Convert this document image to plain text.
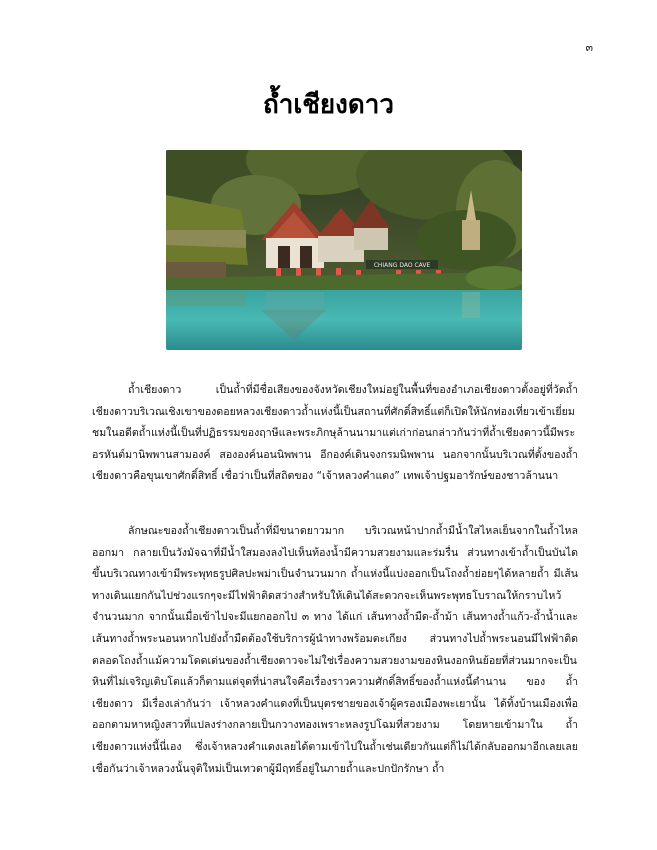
๓
ถ้ำเชียงดาว
CHIANG DAO CAVE

ถ้ำเชียงดาว เป็นถ้ำที่มีชื่อเสียงของจังหวัดเชียงใหม่อยู่ในพื้นที่ของอำเภอเชียงดาวตั้งอยู่ที่วัดถ้ำเชียงดาวบริเวณเชิงเขาของดอยหลวงเชียงดาวถ้ำแห่งนี้เป็นสถานที่ศักดิ์สิทธิ์แต่ก็เปิดให้นักท่องเที่ยวเข้าเยี่ยมชมในอดีตถ้ำแห่งนี้เป็นที่ปฏิธรรมของฤาษีและพระภิกษุล้านนามาแต่เก่าก่อนกล่าวกันว่าที่ถ้ำเชียงดาวนี้มีพระอรหันต์มานิพพานสามองค์ สององค์นอนนิพพาน อีกองค์เดินจงกรมนิพพาน นอกจากนั้นบริเวณที่ตั้งของถ้ำเชียงดาวคือขุนเขาศักดิ์สิทธิ์ เชื่อว่าเป็นที่สถิตของ “เจ้าหลวงคำแดง” เทพเจ้าปฐมอารักษ์ของชาวล้านนา

ลักษณะของถ้ำเชียงดาวเป็นถ้ำที่มีขนาดยาวมาก บริเวณหน้าปากถ้ำมีน้ำใสไหลเย็นจากในถ้ำไหลออกมา กลายเป็นวังมัจฉาที่มีน้ำใสมองลงไปเห็นท้องน้ำมีความสวยงามและร่มรื่น ส่วนทางเข้าถ้ำเป็นบันไดขึ้นบริเวณทางเข้ามีพระพุทธรูปศิลปะพม่าเป็นจำนวนมาก ถ้ำแห่งนี้แบ่งออกเป็นโถงถ้ำย่อยๆได้หลายถ้ำ มีเส้นทางเดินแยกกันไปช่วงแรกๆจะมีไฟฟ้าติดสว่างสำหรับให้เดินได้สะดวกจะเห็นพระพุทธโบราณให้กราบไหว้จำนวนมาก จากนั้นเมื่อเข้าไปจะมีแยกออกไป ๓ ทาง ได้แก่ เส้นทางถ้ำมืด-ถ้ำม้า เส้นทางถ้ำแก้ว-ถ้ำน้ำและเส้นทางถ้ำพระนอนหากไปยังถ้ำมืดต้องใช้บริการผู้นำทางพร้อมตะเกียง ส่วนทางไปถ้ำพระนอนมีไฟฟ้าติดตลอดโถงถ้ำแม้ความโดดเด่นของถ้ำเชียงดาวจะไม่ใช่เรื่องความสวยงามของหินงอกหินย้อยที่ส่วนมากจะเป็นหินที่ไม่เจริญเติบโตแล้วก็ตามแต่จุดที่น่าสนใจคือเรื่องราวความศักดิ์สิทธิ์ของถ้ำแห่งนี้ตำนาน ของ ถ้ำเชียงดาว มีเรื่องเล่ากันว่า เจ้าหลวงคำแดงที่เป็นบุตรชายของเจ้าผู้ครองเมืองพะเยานั้น ได้ทิ้งบ้านเมืองเพื่อออกตามหาหญิงสาวที่แปลงร่างกลายเป็นกวางทองเพราะหลงรูปโฉมที่สวยงาม โดยหายเข้ามาใน ถ้ำเชียงดาวแห่งนี้นี่เอง ซึ่งเจ้าหลวงคำแดงเลยได้ตามเข้าไปในถ้ำเช่นเดียวกันแต่ก็ไม่ได้กลับออกมาอีกเลยเลยเชื่อกันว่าเจ้าหลวงนั้นจุติใหม่เป็นเทวดาผู้มีฤทธิ์อยู่ในภายถ้ำและปกปักรักษา ถ้ำ
